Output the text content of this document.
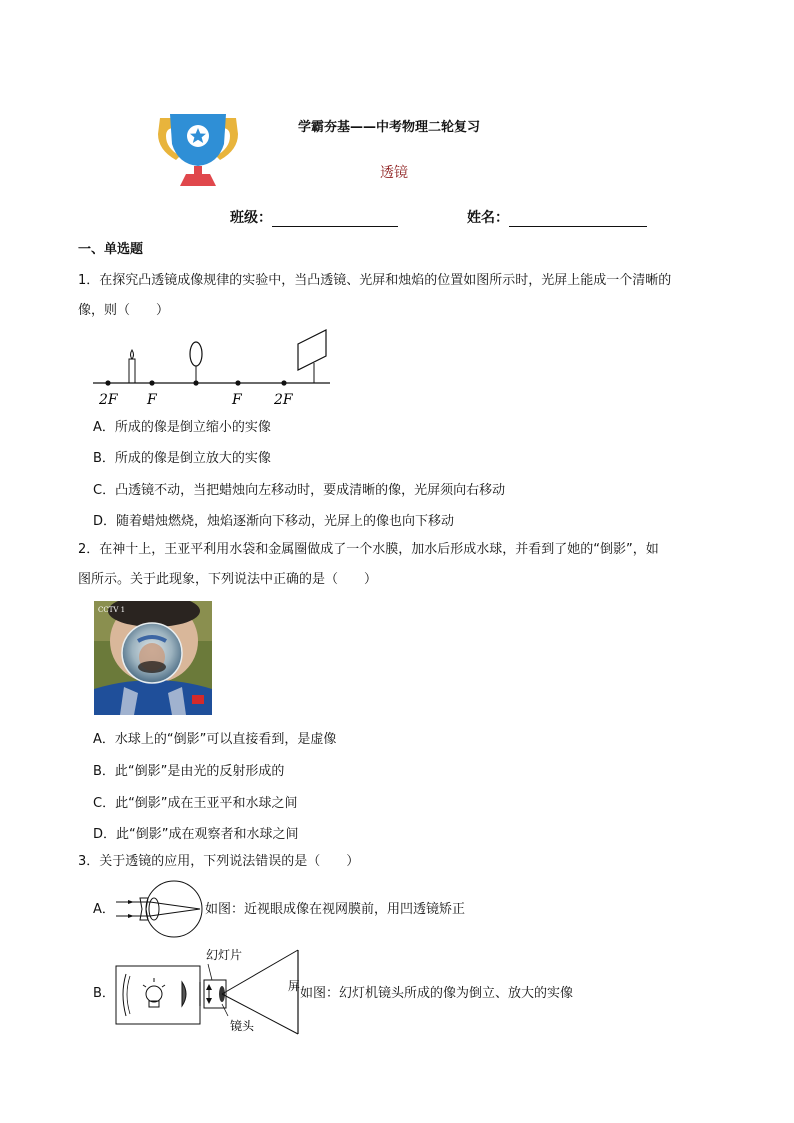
学霸夯基——中考物理二轮复习
透镜
班级：	姓名：
一、单选题
1．在探究凸透镜成像规律的实验中，当凸透镜、光屏和烛焰的位置如图所示时，光屏上能成一个清晰的
像，则（　　）
2F F	F 2F
A．所成的像是倒立缩小的实像
B．所成的像是倒立放大的实像
C．凸透镜不动，当把蜡烛向左移动时，要成清晰的像，光屏须向右移动
D．随着蜡烛燃烧，烛焰逐渐向下移动，光屏上的像也向下移动
2．在神十上，王亚平利用水袋和金属圈做成了一个水膜，加水后形成水球，并看到了她的“倒影”，如
图所示。关于此现象，下列说法中正确的是（　　）
CCTV 1
A．水球上的“倒影”可以直接看到，是虚像
B．此“倒影”是由光的反射形成的
C．此“倒影”成在王亚平和水球之间
D．此“倒影”成在观察者和水球之间
3．关于透镜的应用，下列说法错误的是（　　）
A．	如图：近视眼成像在视网膜前，用凹透镜矫正
B．
幻灯片
屏
镜头
如图：幻灯机镜头所成的像为倒立、放大的实像
